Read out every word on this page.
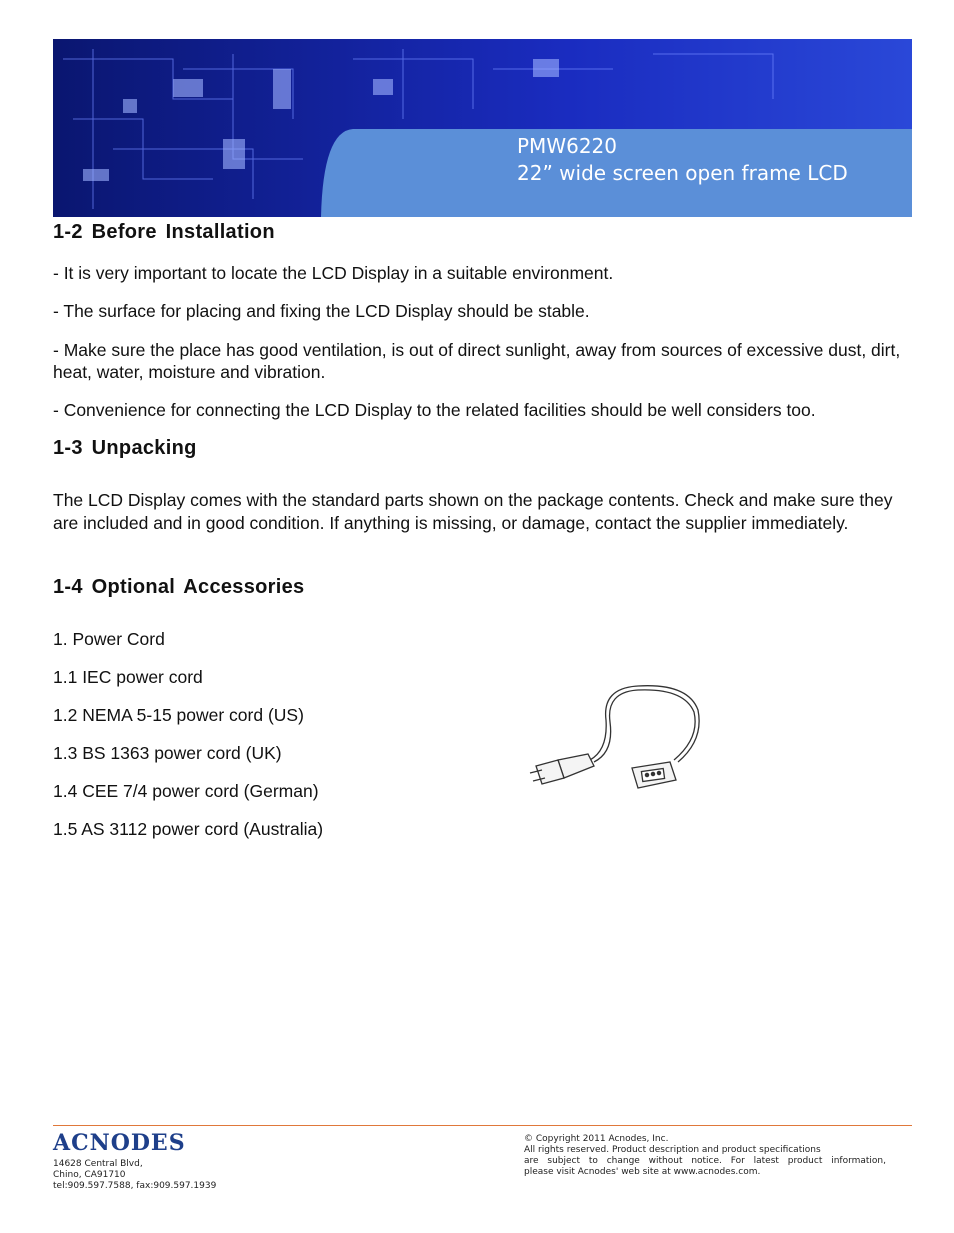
PMW6220
22” wide screen open frame LCD
1-2 Before Installation

- It is very important to locate the LCD Display in a suitable environment.

- The surface for placing and fixing the LCD Display should be stable.

- Make sure the place has good ventilation, is out of direct sunlight, away from sources of excessive dust, dirt, heat, water, moisture and vibration.

- Convenience for connecting the LCD Display to the related facilities should be well considers too.

1-3 Unpacking

The LCD Display comes with the standard parts shown on the package contents. Check and make sure they are included and in good condition. If anything is missing, or damage, contact the supplier immediately.

1-4 Optional Accessories

1. Power Cord

1.1 IEC power cord

1.2 NEMA 5-15 power cord (US)

1.3 BS 1363 power cord (UK)

1.4 CEE 7/4 power cord (German)

1.5 AS 3112 power cord (Australia)

ACNODES
14628 Central Blvd,
Chino, CA91710
tel:909.597.7588, fax:909.597.1939
© Copyright 2011 Acnodes, Inc.
All rights reserved. Product description and product specifications
are subject to change without notice. For latest product information,
please visit Acnodes' web site at www.acnodes.com.
